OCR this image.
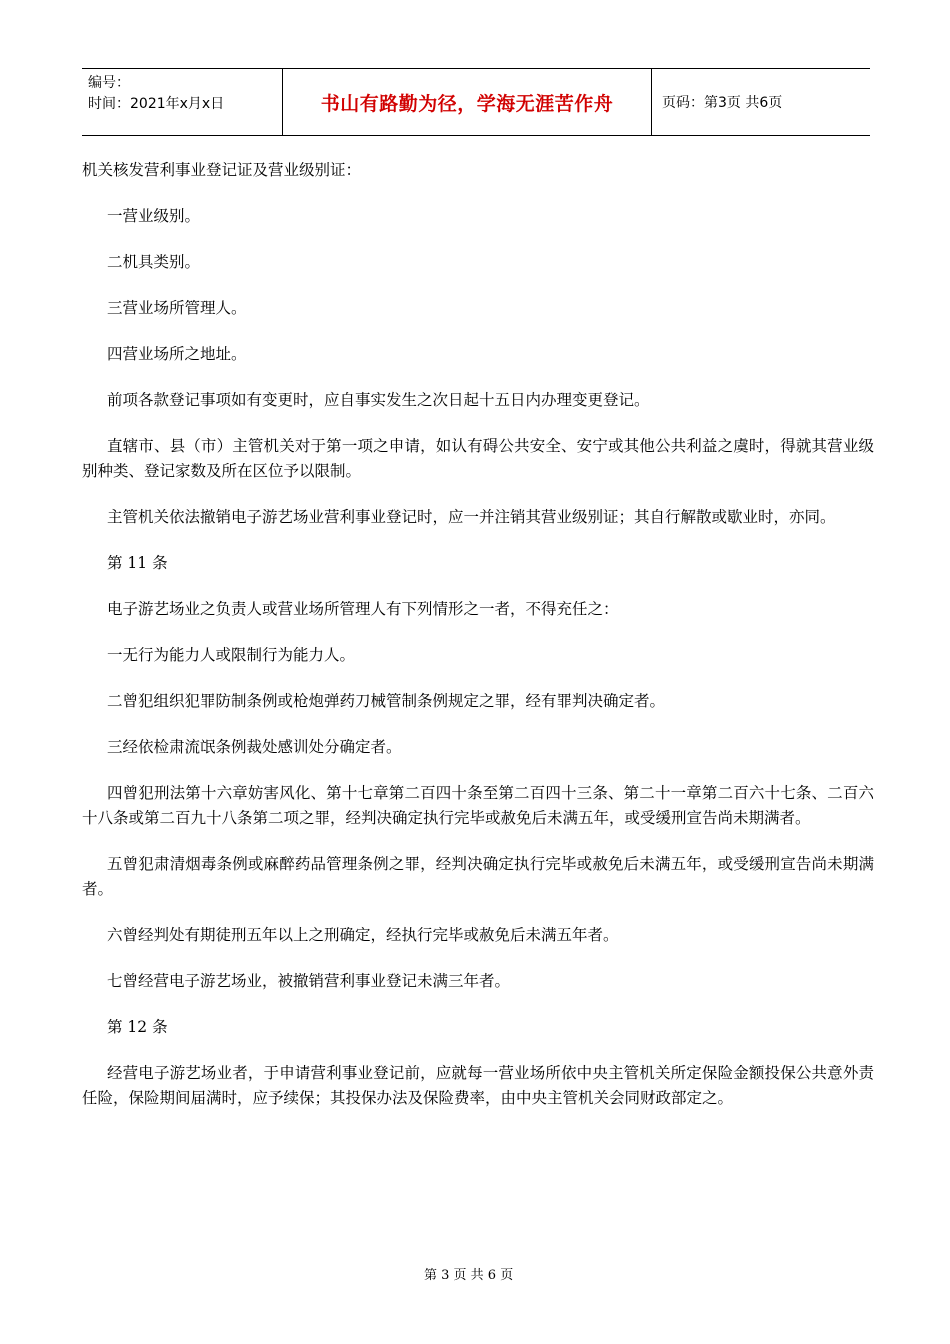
编号：
时间：2021年x月x日	书山有路勤为径，学海无涯苦作舟	页码：第3页 共6页

机关核发营利事业登记证及营业级别证：

一营业级别。

二机具类别。

三营业场所管理人。

四营业场所之地址。

前项各款登记事项如有变更时，应自事实发生之次日起十五日内办理变更登记。

直辖市、县（市）主管机关对于第一项之申请，如认有碍公共安全、安宁或其他公共利益之虞时，得就其营业级别种类、登记家数及所在区位予以限制。

主管机关依法撤销电子游艺场业营利事业登记时，应一并注销其营业级别证；其自行解散或歇业时，亦同。

第 11 条

电子游艺场业之负责人或营业场所管理人有下列情形之一者，不得充任之：

一无行为能力人或限制行为能力人。

二曾犯组织犯罪防制条例或枪炮弹药刀械管制条例规定之罪，经有罪判决确定者。

三经依检肃流氓条例裁处感训处分确定者。

四曾犯刑法第十六章妨害风化、第十七章第二百四十条至第二百四十三条、第二十一章第二百六十七条、二百六十八条或第二百九十八条第二项之罪，经判决确定执行完毕或赦免后未满五年，或受缓刑宣告尚未期满者。

五曾犯肃清烟毒条例或麻醉药品管理条例之罪，经判决确定执行完毕或赦免后未满五年，或受缓刑宣告尚未期满者。

六曾经判处有期徒刑五年以上之刑确定，经执行完毕或赦免后未满五年者。

七曾经营电子游艺场业，被撤销营利事业登记未满三年者。

第 12 条

经营电子游艺场业者，于申请营利事业登记前，应就每一营业场所依中央主管机关所定保险金额投保公共意外责任险，保险期间届满时，应予续保；其投保办法及保险费率，由中央主管机关会同财政部定之。

第 3 页 共 6 页
